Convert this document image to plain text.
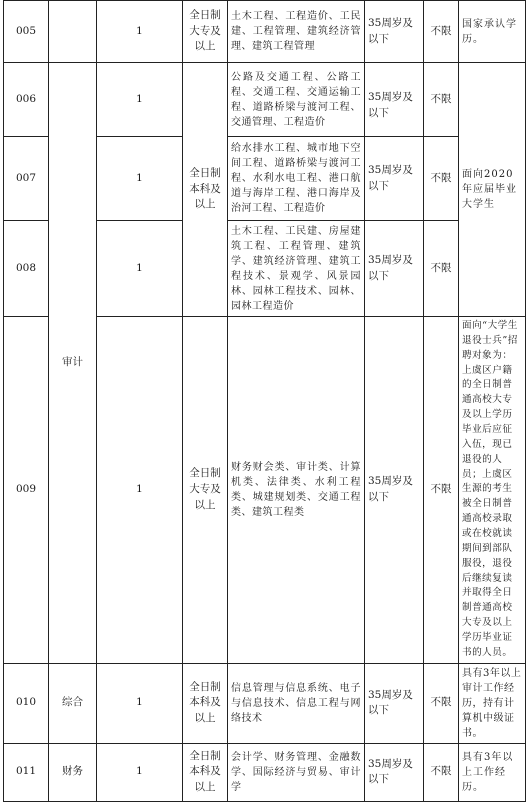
005		1	全日制大专及以上	土木工程、工程造价、工民建、工程管理、建筑经济管理、建筑工程管理	35周岁及以下	不限	国家承认学历。
006	审计	1	全日制本科及以上	公路及交通工程、公路工程、交通工程、交通运输工程、道路桥梁与渡河工程、交通管理、工程造价	35周岁及以下	不限	面向2020年应届毕业大学生
007		1		给水排水工程、城市地下空间工程、道路桥梁与渡河工程、水利水电工程、港口航道与海岸工程、港口海岸及治河工程、工程造价	35周岁及以下	不限	
008		1		土木工程、工民建、房屋建筑工程、工程管理、建筑学、建筑经济管理、建筑工程技术、景观学、风景园林、园林工程技术、园林、园林工程造价	35周岁及以下	不限	
009		1	全日制大专及以上	财务财会类、审计类、计算机类、法律类、水利工程类、城建规划类、交通工程类、建筑工程类	35周岁及以下	不限	面向“大学生退役士兵”招聘对象为：上虞区户籍的全日制普通高校大专及以上学历毕业后应征入伍，现已退役的人员；上虞区生源的考生被全日制普通高校录取或在校就读期间到部队服役，退役后继续复读并取得全日制普通高校大专及以上学历毕业证书的人员。
010	综合	1	全日制本科及以上	信息管理与信息系统、电子与信息技术、信息工程与网络技术	35周岁及以下	不限	具有3年以上审计工作经历，持有计算机中级证书。
011	财务	1	全日制本科及以上	会计学、财务管理、金融数学、国际经济与贸易、审计学	35周岁及以下	不限	具有3年以上工作经历。
